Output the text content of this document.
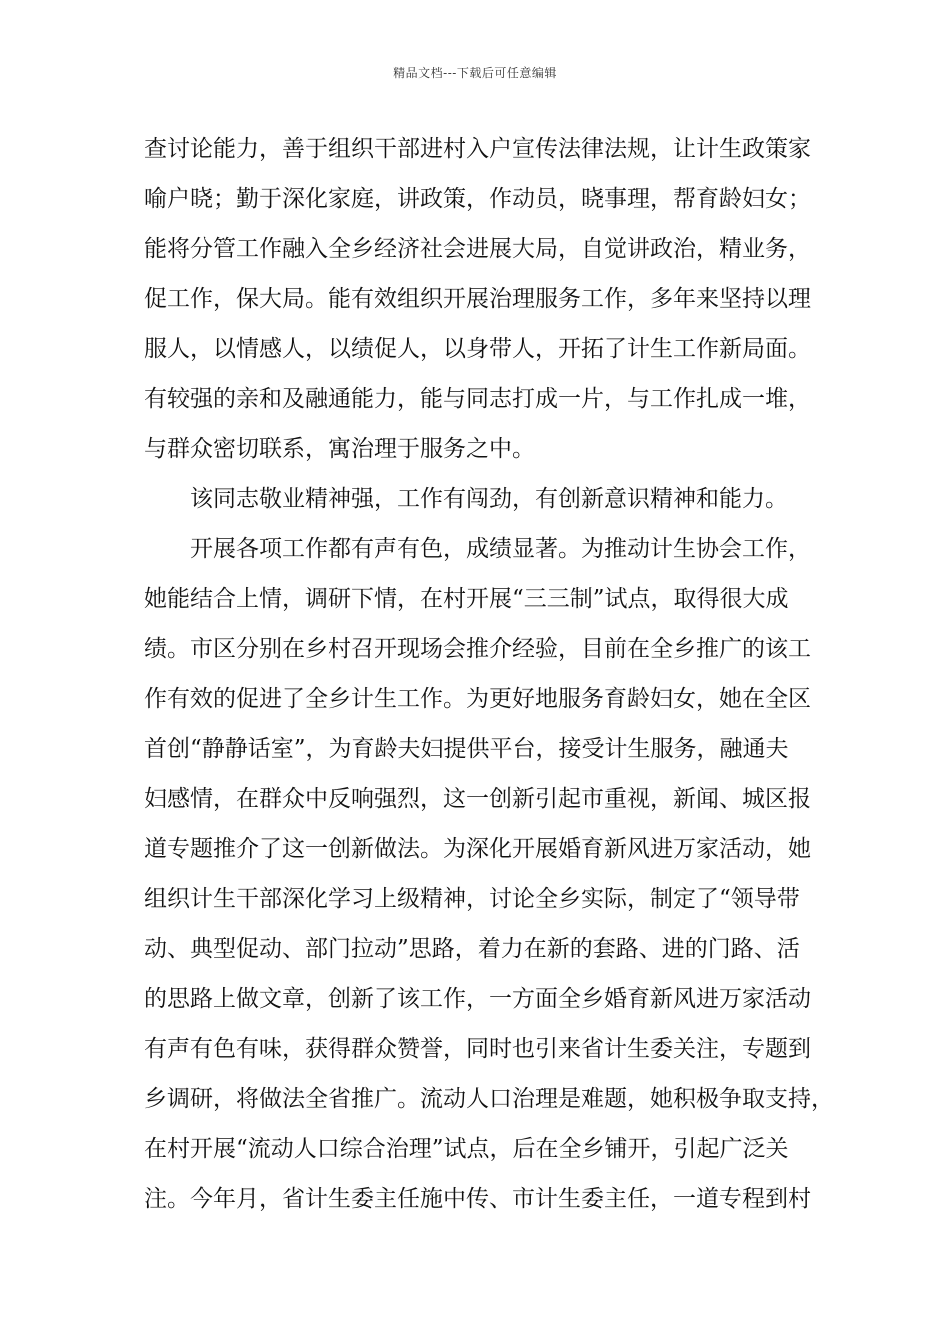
精品文档---下载后可任意编辑
查讨论能力，善于组织干部进村入户宣传法律法规，让计生政策家
喻户晓；勤于深化家庭，讲政策，作动员，晓事理，帮育龄妇女；
能将分管工作融入全乡经济社会进展大局，自觉讲政治，精业务，
促工作，保大局。能有效组织开展治理服务工作，多年来坚持以理
服人，以情感人，以绩促人，以身带人，开拓了计生工作新局面。
有较强的亲和及融通能力，能与同志打成一片，与工作扎成一堆，
与群众密切联系，寓治理于服务之中。
该同志敬业精神强，工作有闯劲，有创新意识精神和能力。
开展各项工作都有声有色，成绩显著。为推动计生协会工作，
她能结合上情，调研下情，在村开展“三三制”试点，取得很大成
绩。市区分别在乡村召开现场会推介经验，目前在全乡推广的该工
作有效的促进了全乡计生工作。为更好地服务育龄妇女，她在全区
首创“静静话室”，为育龄夫妇提供平台，接受计生服务，融通夫
妇感情，在群众中反响强烈，这一创新引起市重视，新闻、城区报
道专题推介了这一创新做法。为深化开展婚育新风进万家活动，她
组织计生干部深化学习上级精神，讨论全乡实际，制定了“领导带
动、典型促动、部门拉动”思路，着力在新的套路、进的门路、活
的思路上做文章，创新了该工作，一方面全乡婚育新风进万家活动
有声有色有味，获得群众赞誉，同时也引来省计生委关注，专题到
乡调研，将做法全省推广。流动人口治理是难题，她积极争取支持，
在村开展“流动人口综合治理”试点，后在全乡铺开，引起广泛关
注。今年月，省计生委主任施中传、市计生委主任，一道专程到村
